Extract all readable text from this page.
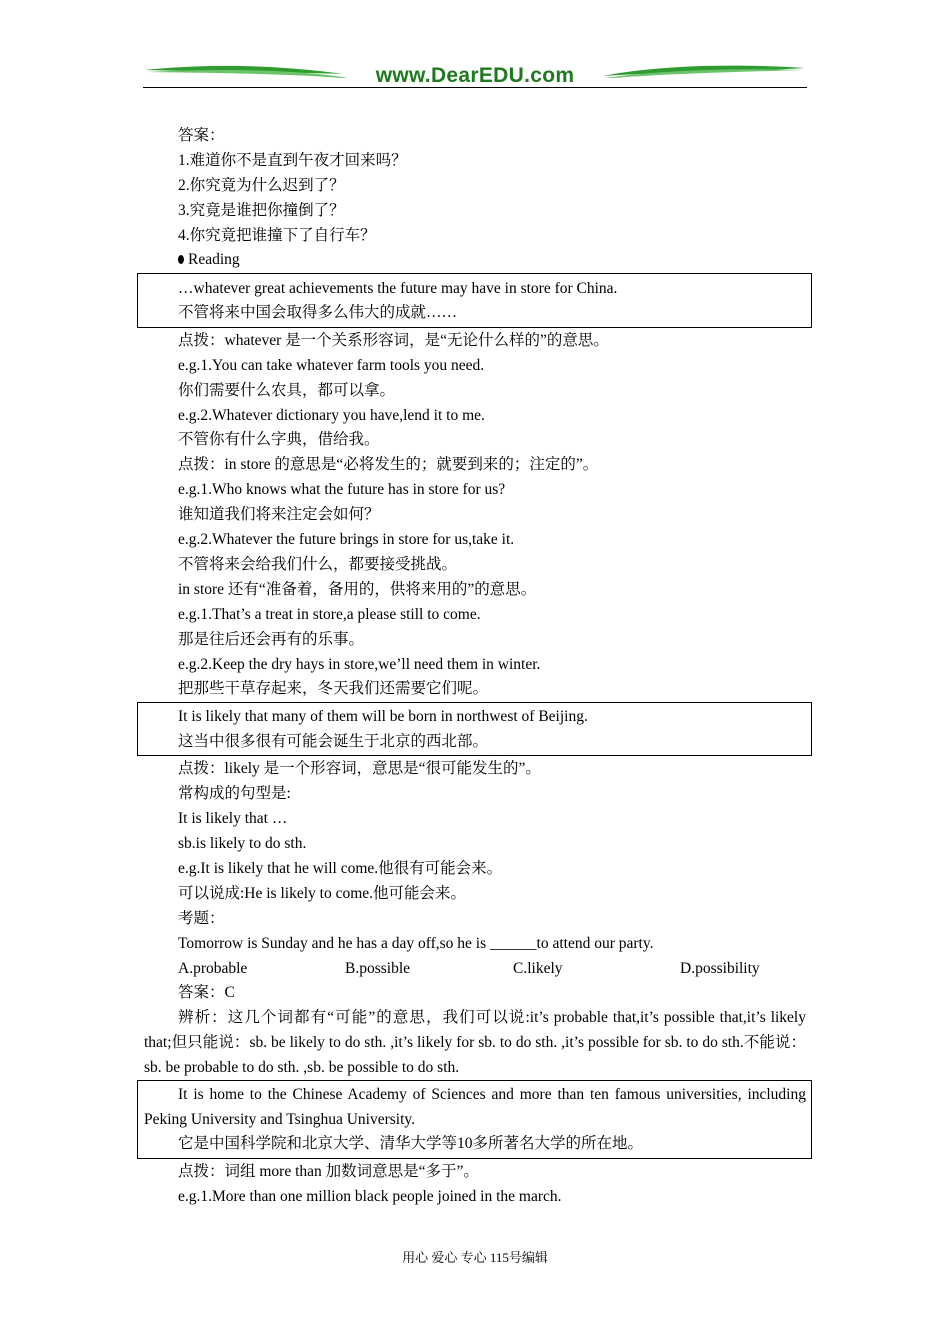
www.DearEDU.com
答案：
1.难道你不是直到午夜才回来吗？
2.你究竟为什么迟到了？
3.究竟是谁把你撞倒了？
4.你究竟把谁撞下了自行车？
Reading
…whatever great achievements the future may have in store for China.
不管将来中国会取得多么伟大的成就……
点拨：whatever 是一个关系形容词，是“无论什么样的”的意思。
e.g.1.You can take whatever farm tools you need.
你们需要什么农具，都可以拿。
e.g.2.Whatever dictionary you have,lend it to me.
不管你有什么字典，借给我。
点拨：in store 的意思是“必将发生的；就要到来的；注定的”。
e.g.1.Who knows what the future has in store for us?
谁知道我们将来注定会如何？
e.g.2.Whatever the future brings in store for us,take it.
不管将来会给我们什么，都要接受挑战。
in store 还有“准备着，备用的，供将来用的”的意思。
e.g.1.That’s a treat in store,a please still to come.
那是往后还会再有的乐事。
e.g.2.Keep the dry hays in store,we’ll need them in winter.
把那些干草存起来，冬天我们还需要它们呢。
It is likely that many of them will be born in northwest of Beijing.
这当中很多很有可能会诞生于北京的西北部。
点拨：likely 是一个形容词，意思是“很可能发生的”。
常构成的句型是:
It is likely that …
sb.is likely to do sth.
e.g.It is likely that he will come.他很有可能会来。
可以说成:He is likely to come.他可能会来。
考题：
Tomorrow is Sunday and he has a day off,so he is ______to attend our party.
A.probable	B.possible	C.likely	D.possibility
答案：C
辨析：这几个词都有“可能”的意思，我们可以说:it’s probable that,it’s possible that,it’s likely that;但只能说：sb. be likely to do sth. ,it’s likely for sb. to do sth. ,it’s possible for sb. to do sth.不能说：sb. be probable to do sth. ,sb. be possible to do sth.
It is home to the Chinese Academy of Sciences and more than ten famous universities, including Peking University and Tsinghua University.
它是中国科学院和北京大学、清华大学等10多所著名大学的所在地。
点拨：词组 more than 加数词意思是“多于”。
e.g.1.More than one million black people joined in the march.
用心 爱心 专心 115号编辑
